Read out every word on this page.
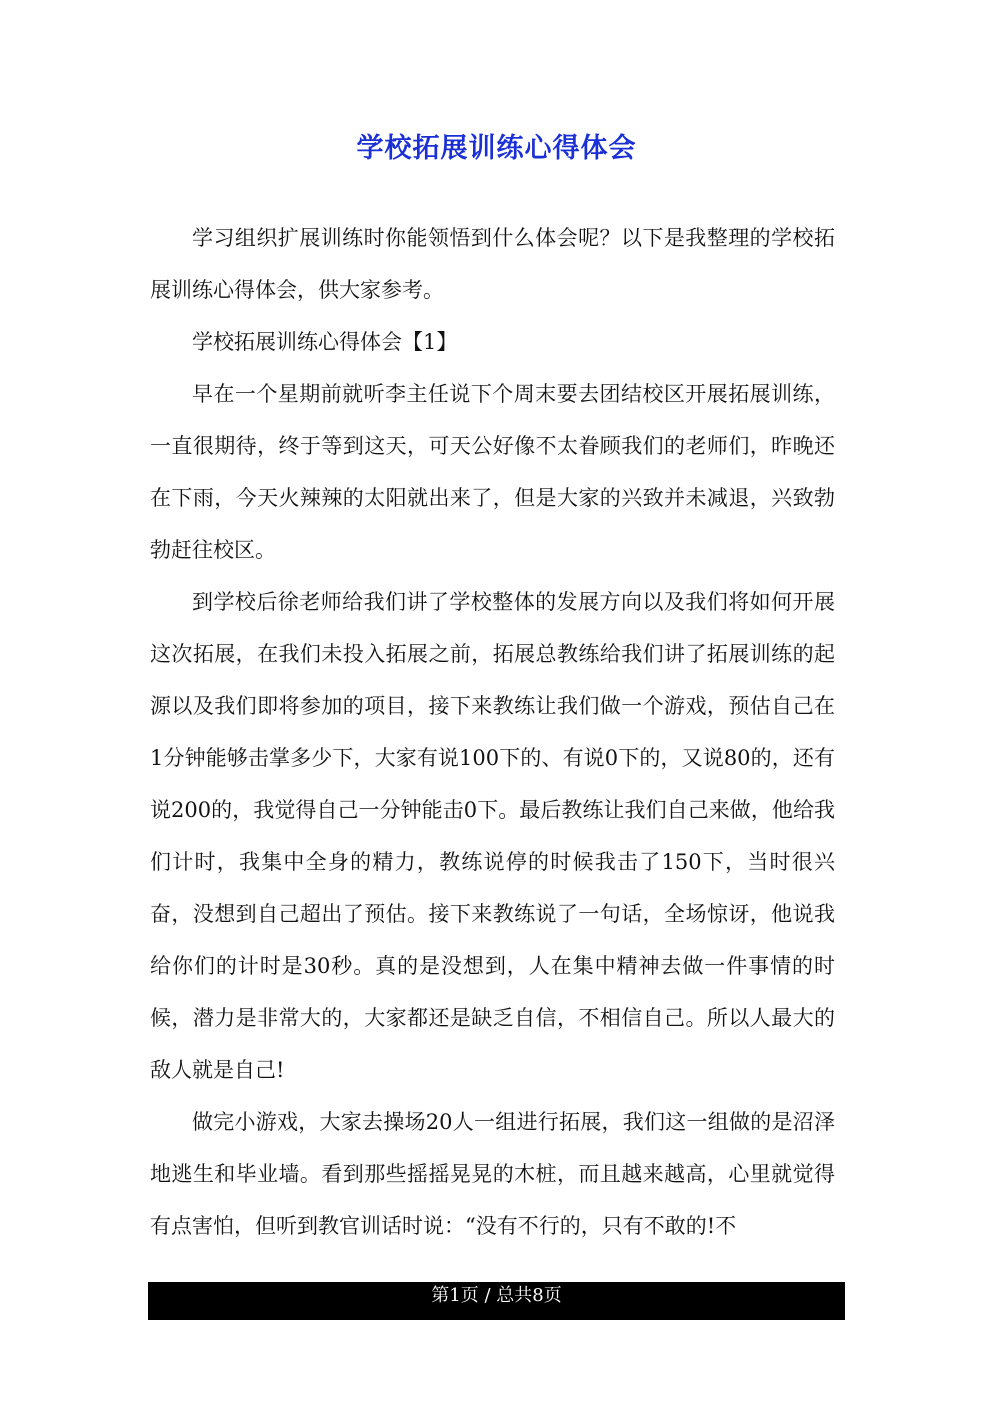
学校拓展训练心得体会

学习组织扩展训练时你能领悟到什么体会呢？以下是我整理的学校拓展训练心得体会，供大家参考。

学校拓展训练心得体会【1】

早在一个星期前就听李主任说下个周末要去团结校区开展拓展训练，一直很期待，终于等到这天，可天公好像不太眷顾我们的老师们，昨晚还在下雨，今天火辣辣的太阳就出来了，但是大家的兴致并未减退，兴致勃勃赶往校区。

到学校后徐老师给我们讲了学校整体的发展方向以及我们将如何开展这次拓展，在我们未投入拓展之前，拓展总教练给我们讲了拓展训练的起源以及我们即将参加的项目，接下来教练让我们做一个游戏，预估自己在1分钟能够击掌多少下，大家有说100下的、有说0下的，又说80的，还有说200的，我觉得自己一分钟能击0下。最后教练让我们自己来做，他给我们计时，我集中全身的精力，教练说停的时候我击了150下，当时很兴奋，没想到自己超出了预估。接下来教练说了一句话，全场惊讶，他说我给你们的计时是30秒。真的是没想到，人在集中精神去做一件事情的时候，潜力是非常大的，大家都还是缺乏自信，不相信自己。所以人最大的敌人就是自己!

做完小游戏，大家去操场20人一组进行拓展，我们这一组做的是沼泽地逃生和毕业墙。看到那些摇摇晃晃的木桩，而且越来越高，心里就觉得有点害怕，但听到教官训话时说：“没有不行的，只有不敢的!不

第1页 / 总共8页
